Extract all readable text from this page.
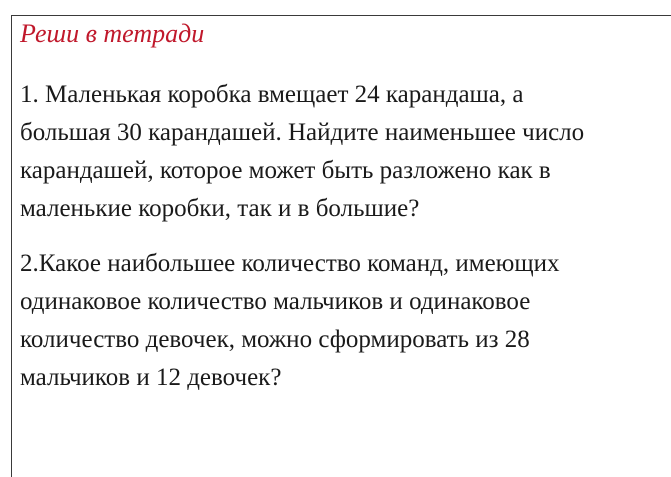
Реши в тетради

1. Маленькая коробка вмещает 24 карандаша, а
большая 30 карандашей. Найдите наименьшее число
карандашей, которое может быть разложено как в
маленькие коробки, так и в большие?

2.Какое наибольшее количество команд, имеющих
одинаковое количество мальчиков и одинаковое
количество девочек, можно сформировать из 28
мальчиков и 12 девочек?
